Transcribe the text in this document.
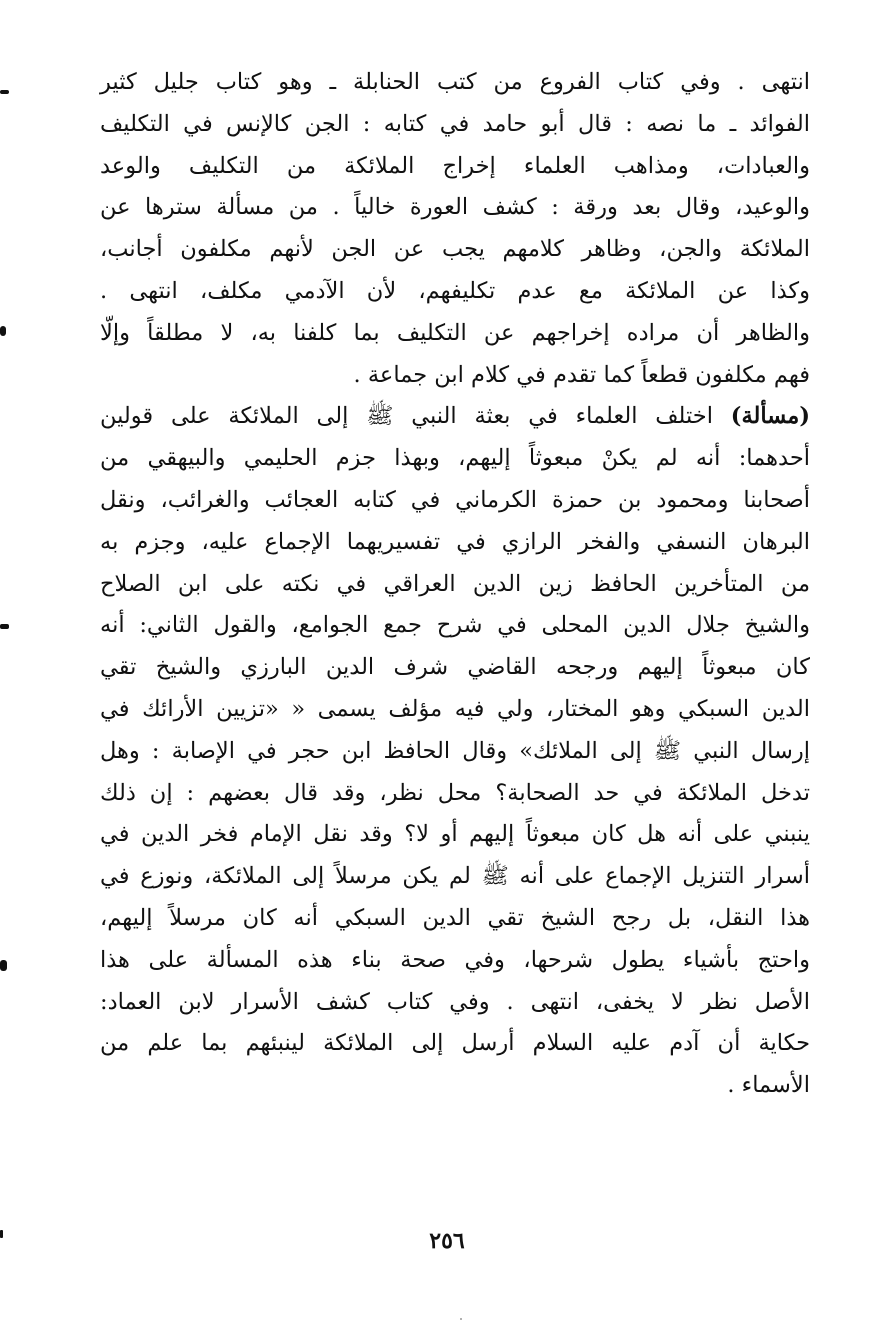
انتهى . وفي كتاب الفروع من كتب الحنابلة ـ وهو كتاب جليل كثير
الفوائد ـ ما نصه : قال أبو حامد في كتابه : الجن كالإنس في التكليف
والعبادات، ومذاهب العلماء إخراج الملائكة من التكليف والوعد
والوعيد، وقال بعد ورقة : كشف العورة خالياً . من مسألة سترها عن
الملائكة والجن، وظاهر كلامهم يجب عن الجن لأنهم مكلفون أجانب،
وكذا عن الملائكة مع عدم تكليفهم، لأن الآدمي مكلف، انتهى .
والظاهر أن مراده إخراجهم عن التكليف بما كلفنا به، لا مطلقاً وإلّا
فهم مكلفون قطعاً كما تقدم في كلام ابن جماعة .
(مسألة) اختلف العلماء في بعثة النبي ﷺ إلى الملائكة على قولين
أحدهما: أنه لم يكنْ مبعوثاً إليهم، وبهذا جزم الحليمي والبيهقي من
أصحابنا ومحمود بن حمزة الكرماني في كتابه العجائب والغرائب، ونقل
البرهان النسفي والفخر الرازي في تفسيريهما الإجماع عليه، وجزم به
من المتأخرين الحافظ زين الدين العراقي في نكته على ابن الصلاح
والشيخ جلال الدين المحلى في شرح جمع الجوامع، والقول الثاني: أنه
كان مبعوثاً إليهم ورجحه القاضي شرف الدين البارزي والشيخ تقي
الدين السبكي وهو المختار، ولي فيه مؤلف يسمى « «تزيين الأرائك في
إرسال النبي ﷺ إلى الملائك» وقال الحافظ ابن حجر في الإصابة : وهل
تدخل الملائكة في حد الصحابة؟ محل نظر، وقد قال بعضهم : إن ذلك
ينبني على أنه هل كان مبعوثاً إليهم أو لا؟ وقد نقل الإمام فخر الدين في
أسرار التنزيل الإجماع على أنه ﷺ لم يكن مرسلاً إلى الملائكة، ونوزع في
هذا النقل، بل رجح الشيخ تقي الدين السبكي أنه كان مرسلاً إليهم،
واحتج بأشياء يطول شرحها، وفي صحة بناء هذه المسألة على هذا
الأصل نظر لا يخفى، انتهى . وفي كتاب كشف الأسرار لابن العماد:
حكاية أن آدم عليه السلام أرسل إلى الملائكة لينبئهم بما علم من
الأسماء .
٢٥٦
